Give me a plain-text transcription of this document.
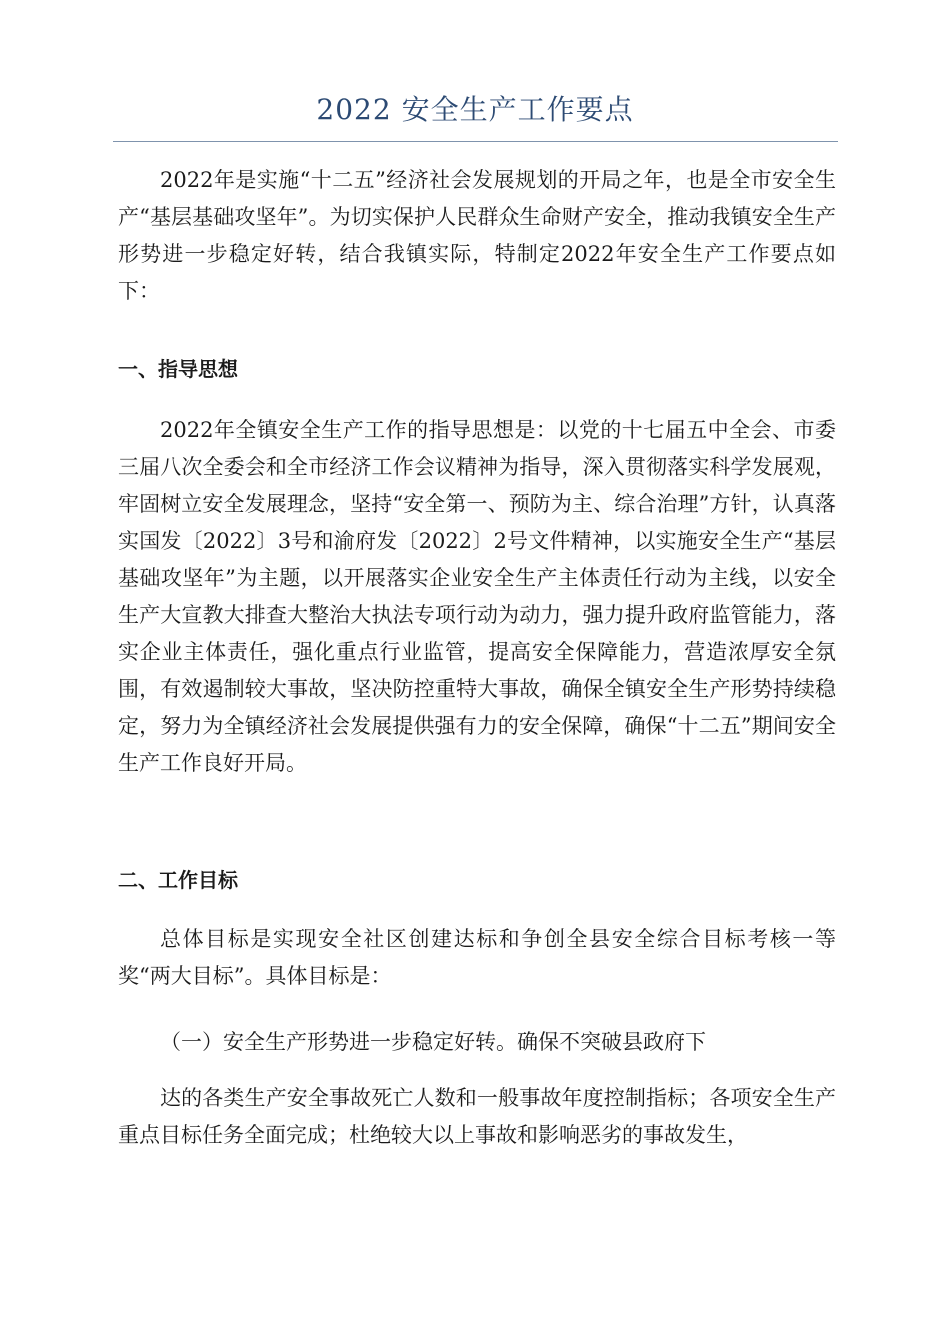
2022 安全生产工作要点

2022年是实施“十二五”经济社会发展规划的开局之年，也是全市安全生产“基层基础攻坚年”。为切实保护人民群众生命财产安全，推动我镇安全生产形势进一步稳定好转，结合我镇实际，特制定2022年安全生产工作要点如下：

一、指导思想

2022年全镇安全生产工作的指导思想是：以党的十七届五中全会、市委三届八次全委会和全市经济工作会议精神为指导，深入贯彻落实科学发展观，牢固树立安全发展理念，坚持“安全第一、预防为主、综合治理”方针，认真落实国发〔2022〕3号和渝府发〔2022〕2号文件精神，以实施安全生产“基层基础攻坚年”为主题，以开展落实企业安全生产主体责任行动为主线，以安全生产大宣教大排查大整治大执法专项行动为动力，强力提升政府监管能力，落实企业主体责任，强化重点行业监管，提高安全保障能力，营造浓厚安全氛围，有效遏制较大事故，坚决防控重特大事故，确保全镇安全生产形势持续稳定，努力为全镇经济社会发展提供强有力的安全保障，确保“十二五”期间安全生产工作良好开局。

二、工作目标

总体目标是实现安全社区创建达标和争创全县安全综合目标考核一等奖“两大目标”。具体目标是：

（一）安全生产形势进一步稳定好转。确保不突破县政府下

达的各类生产安全事故死亡人数和一般事故年度控制指标；各项安全生产重点目标任务全面完成；杜绝较大以上事故和影响恶劣的事故发生，
